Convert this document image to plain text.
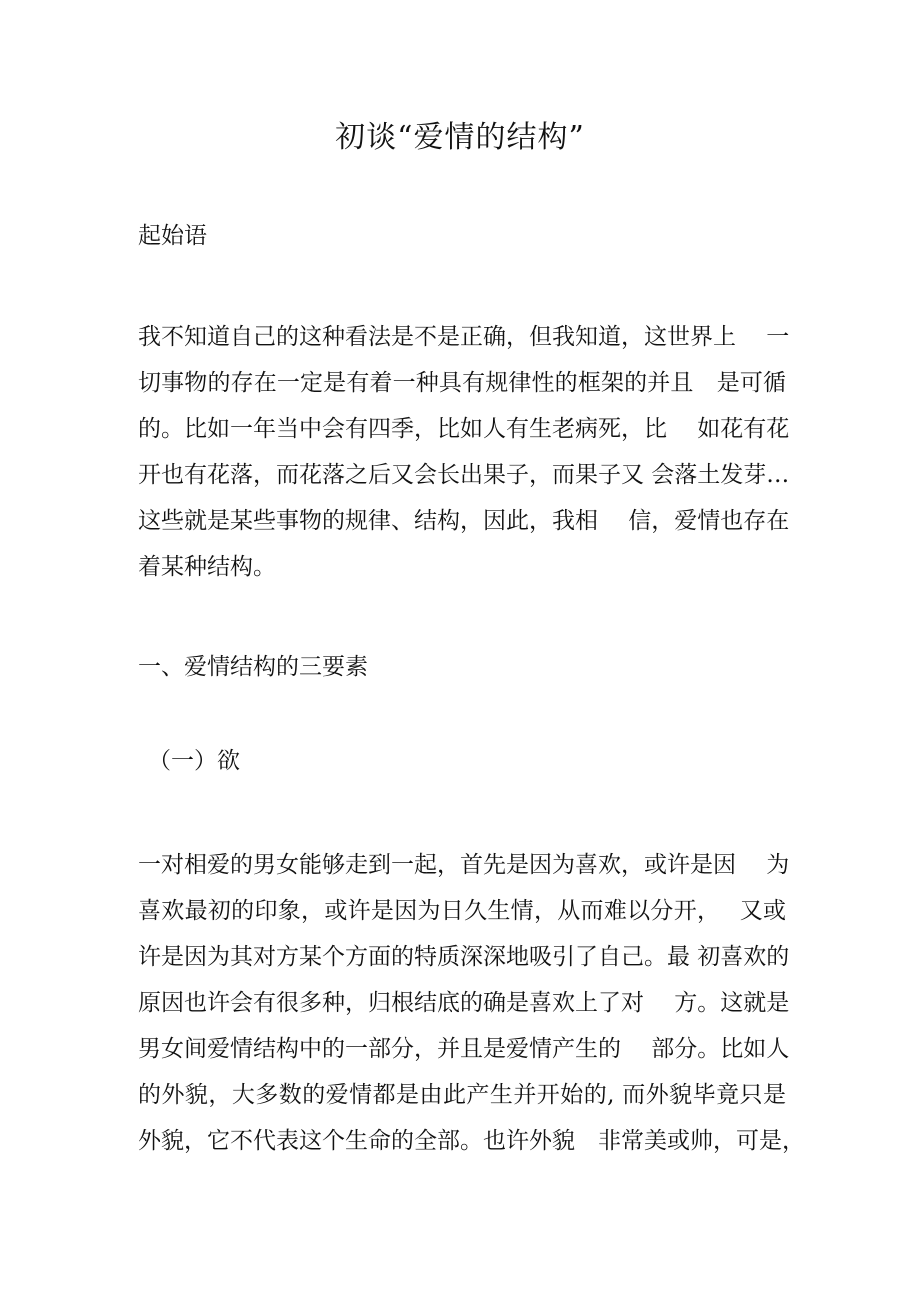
初谈“爱情的结构”
起始语
我不知道自己的这种看法是不是正确，但我知道，这世界上　 一
切事物的存在一定是有着一种具有规律性的框架的并且　是可循
的。比如一年当中会有四季，比如人有生老病死，比　 如花有花
开也有花落，而花落之后又会长出果子，而果子又 会落土发芽…
这些就是某些事物的规律、结构，因此，我相　 信，爱情也存在
着某种结构。
一、爱情结构的三要素
（一）欲
一对相爱的男女能够走到一起，首先是因为喜欢，或许是因　 为
喜欢最初的印象，或许是因为日久生情，从而难以分开，　 又或
许是因为其对方某个方面的特质深深地吸引了自己。最 初喜欢的
原因也许会有很多种，归根结底的确是喜欢上了对　 方。这就是
男女间爱情结构中的一部分，并且是爱情产生的　 部分。比如人
的外貌，大多数的爱情都是由此产生并开始的, 而外貌毕竟只是
外貌，它不代表这个生命的全部。也许外貌　非常美或帅，可是，
